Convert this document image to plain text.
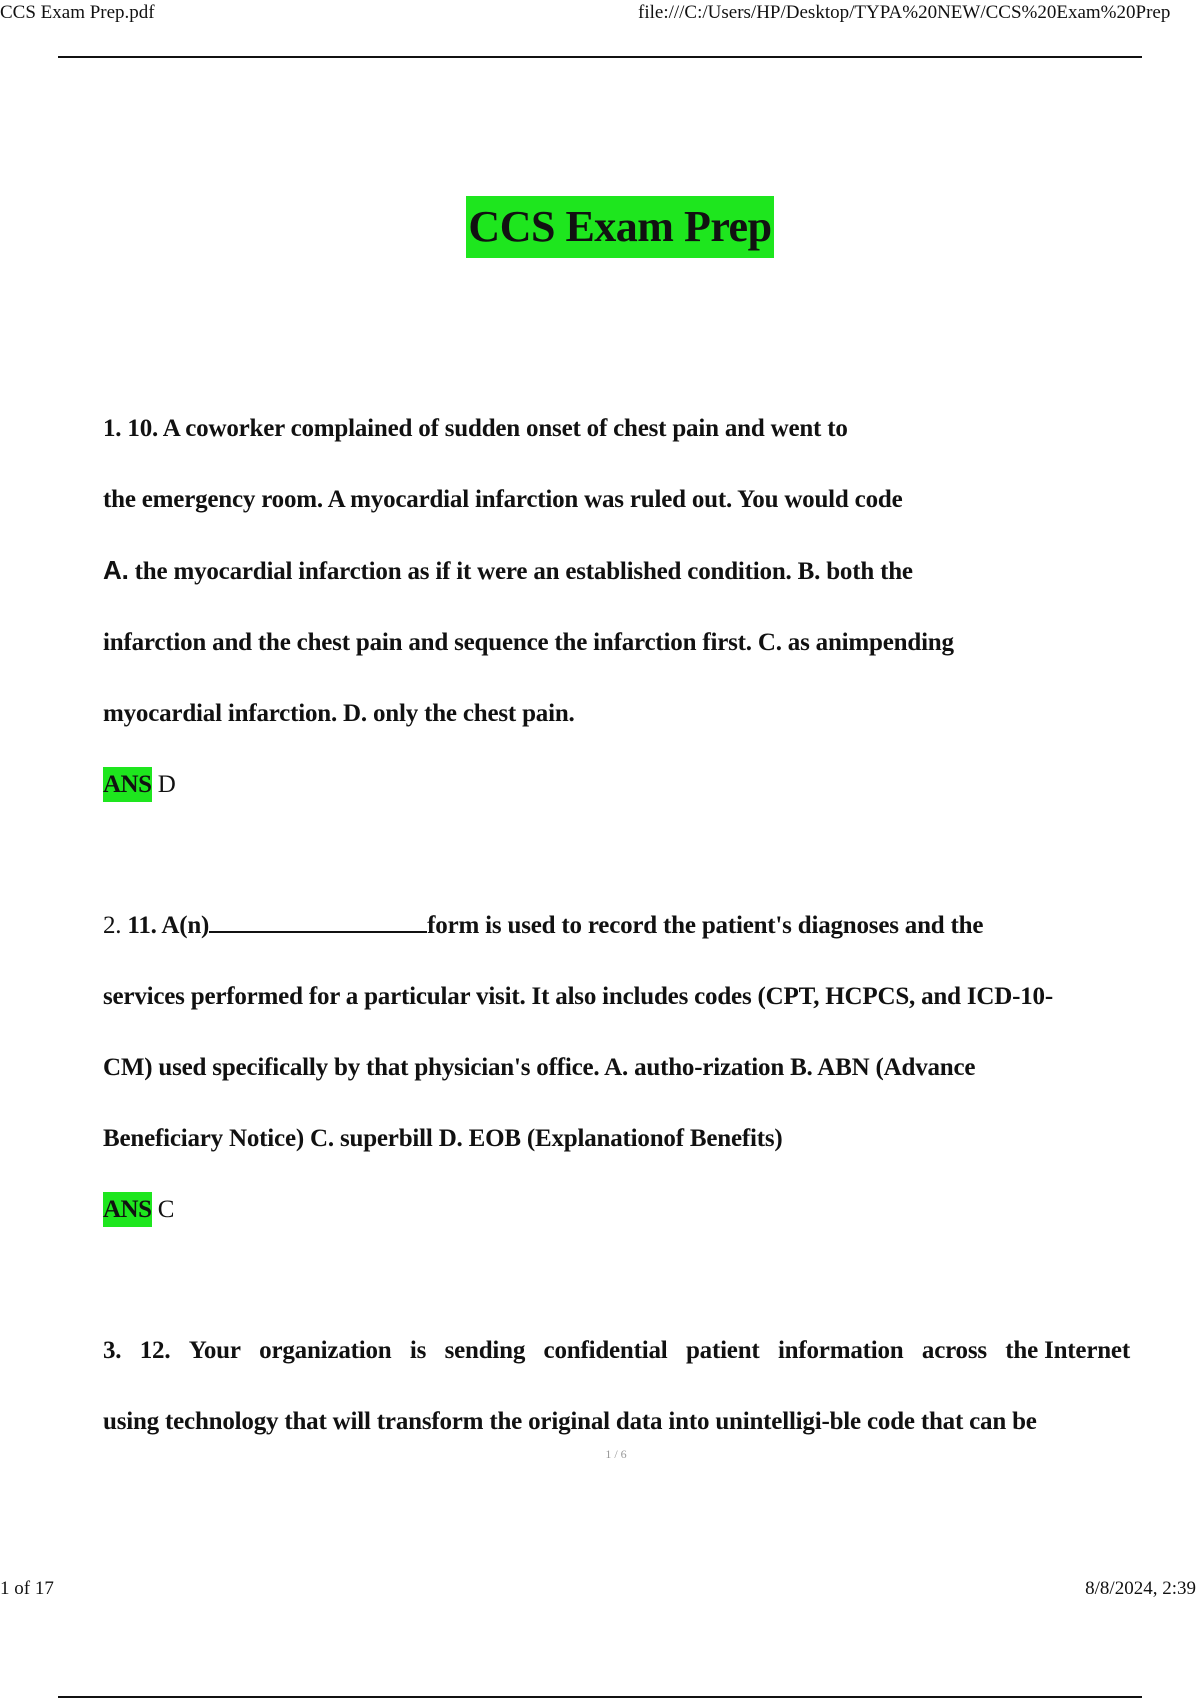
CCS Exam Prep.pdf	file:///C:/Users/HP/Desktop/TYPA%20NEW/CCS%20Exam%20Prep
CCS Exam Prep
1. 10. A coworker complained of sudden onset of chest pain and went to
the emergency room. A myocardial infarction was ruled out. You would code
A. the myocardial infarction as if it were an established condition. B. both the
infarction and the chest pain and sequence the infarction first. C. as animpending
myocardial infarction. D. only the chest pain.
ANS D
2. 11. A(n)	form is used to record the patient's diagnoses and the
services performed for a particular visit. It also includes codes (CPT, HCPCS, and ICD-10-
CM) used specifically by that physician's office. A. autho-rization B. ABN (Advance
Beneficiary Notice) C. superbill D. EOB (Explanationof Benefits)
ANS C
3. 12. Your organization is sending confidential patient information across the Internet
using technology that will transform the original data into unintelligi-ble code that can be
1 / 6
1 of 17	8/8/2024, 2:39
